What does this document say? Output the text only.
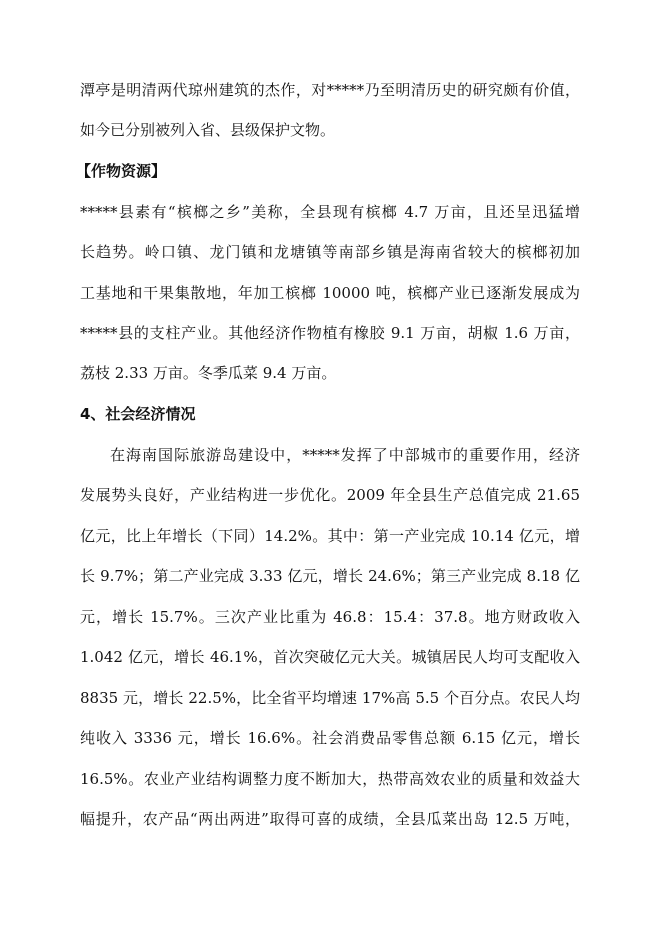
潭亭是明清两代琼州建筑的杰作，对*****乃至明清历史的研究颇有价值，
如今已分别被列入省、县级保护文物。
【作物资源】
*****县素有“槟榔之乡”美称，全县现有槟榔 4.7 万亩，且还呈迅猛增
长趋势。岭口镇、龙门镇和龙塘镇等南部乡镇是海南省较大的槟榔初加
工基地和干果集散地，年加工槟榔 10000 吨，槟榔产业已逐渐发展成为
*****县的支柱产业。其他经济作物植有橡胶 9.1 万亩，胡椒 1.6 万亩，
荔枝 2.33 万亩。冬季瓜菜 9.4 万亩。
4、社会经济情况
在海南国际旅游岛建设中，*****发挥了中部城市的重要作用，经济
发展势头良好，产业结构进一步优化。2009 年全县生产总值完成 21.65
亿元，比上年增长（下同）14.2%。其中：第一产业完成 10.14 亿元，增
长 9.7%；第二产业完成 3.33 亿元，增长 24.6%；第三产业完成 8.18 亿
元，增长 15.7%。三次产业比重为 46.8：15.4：37.8。地方财政收入
1.042 亿元，增长 46.1%，首次突破亿元大关。城镇居民人均可支配收入
8835 元，增长 22.5%，比全省平均增速 17%高 5.5 个百分点。农民人均
纯收入 3336 元，增长 16.6%。社会消费品零售总额 6.15 亿元，增长
16.5%。农业产业结构调整力度不断加大，热带高效农业的质量和效益大
幅提升，农产品“两出两进”取得可喜的成绩，全县瓜菜出岛 12.5 万吨，
